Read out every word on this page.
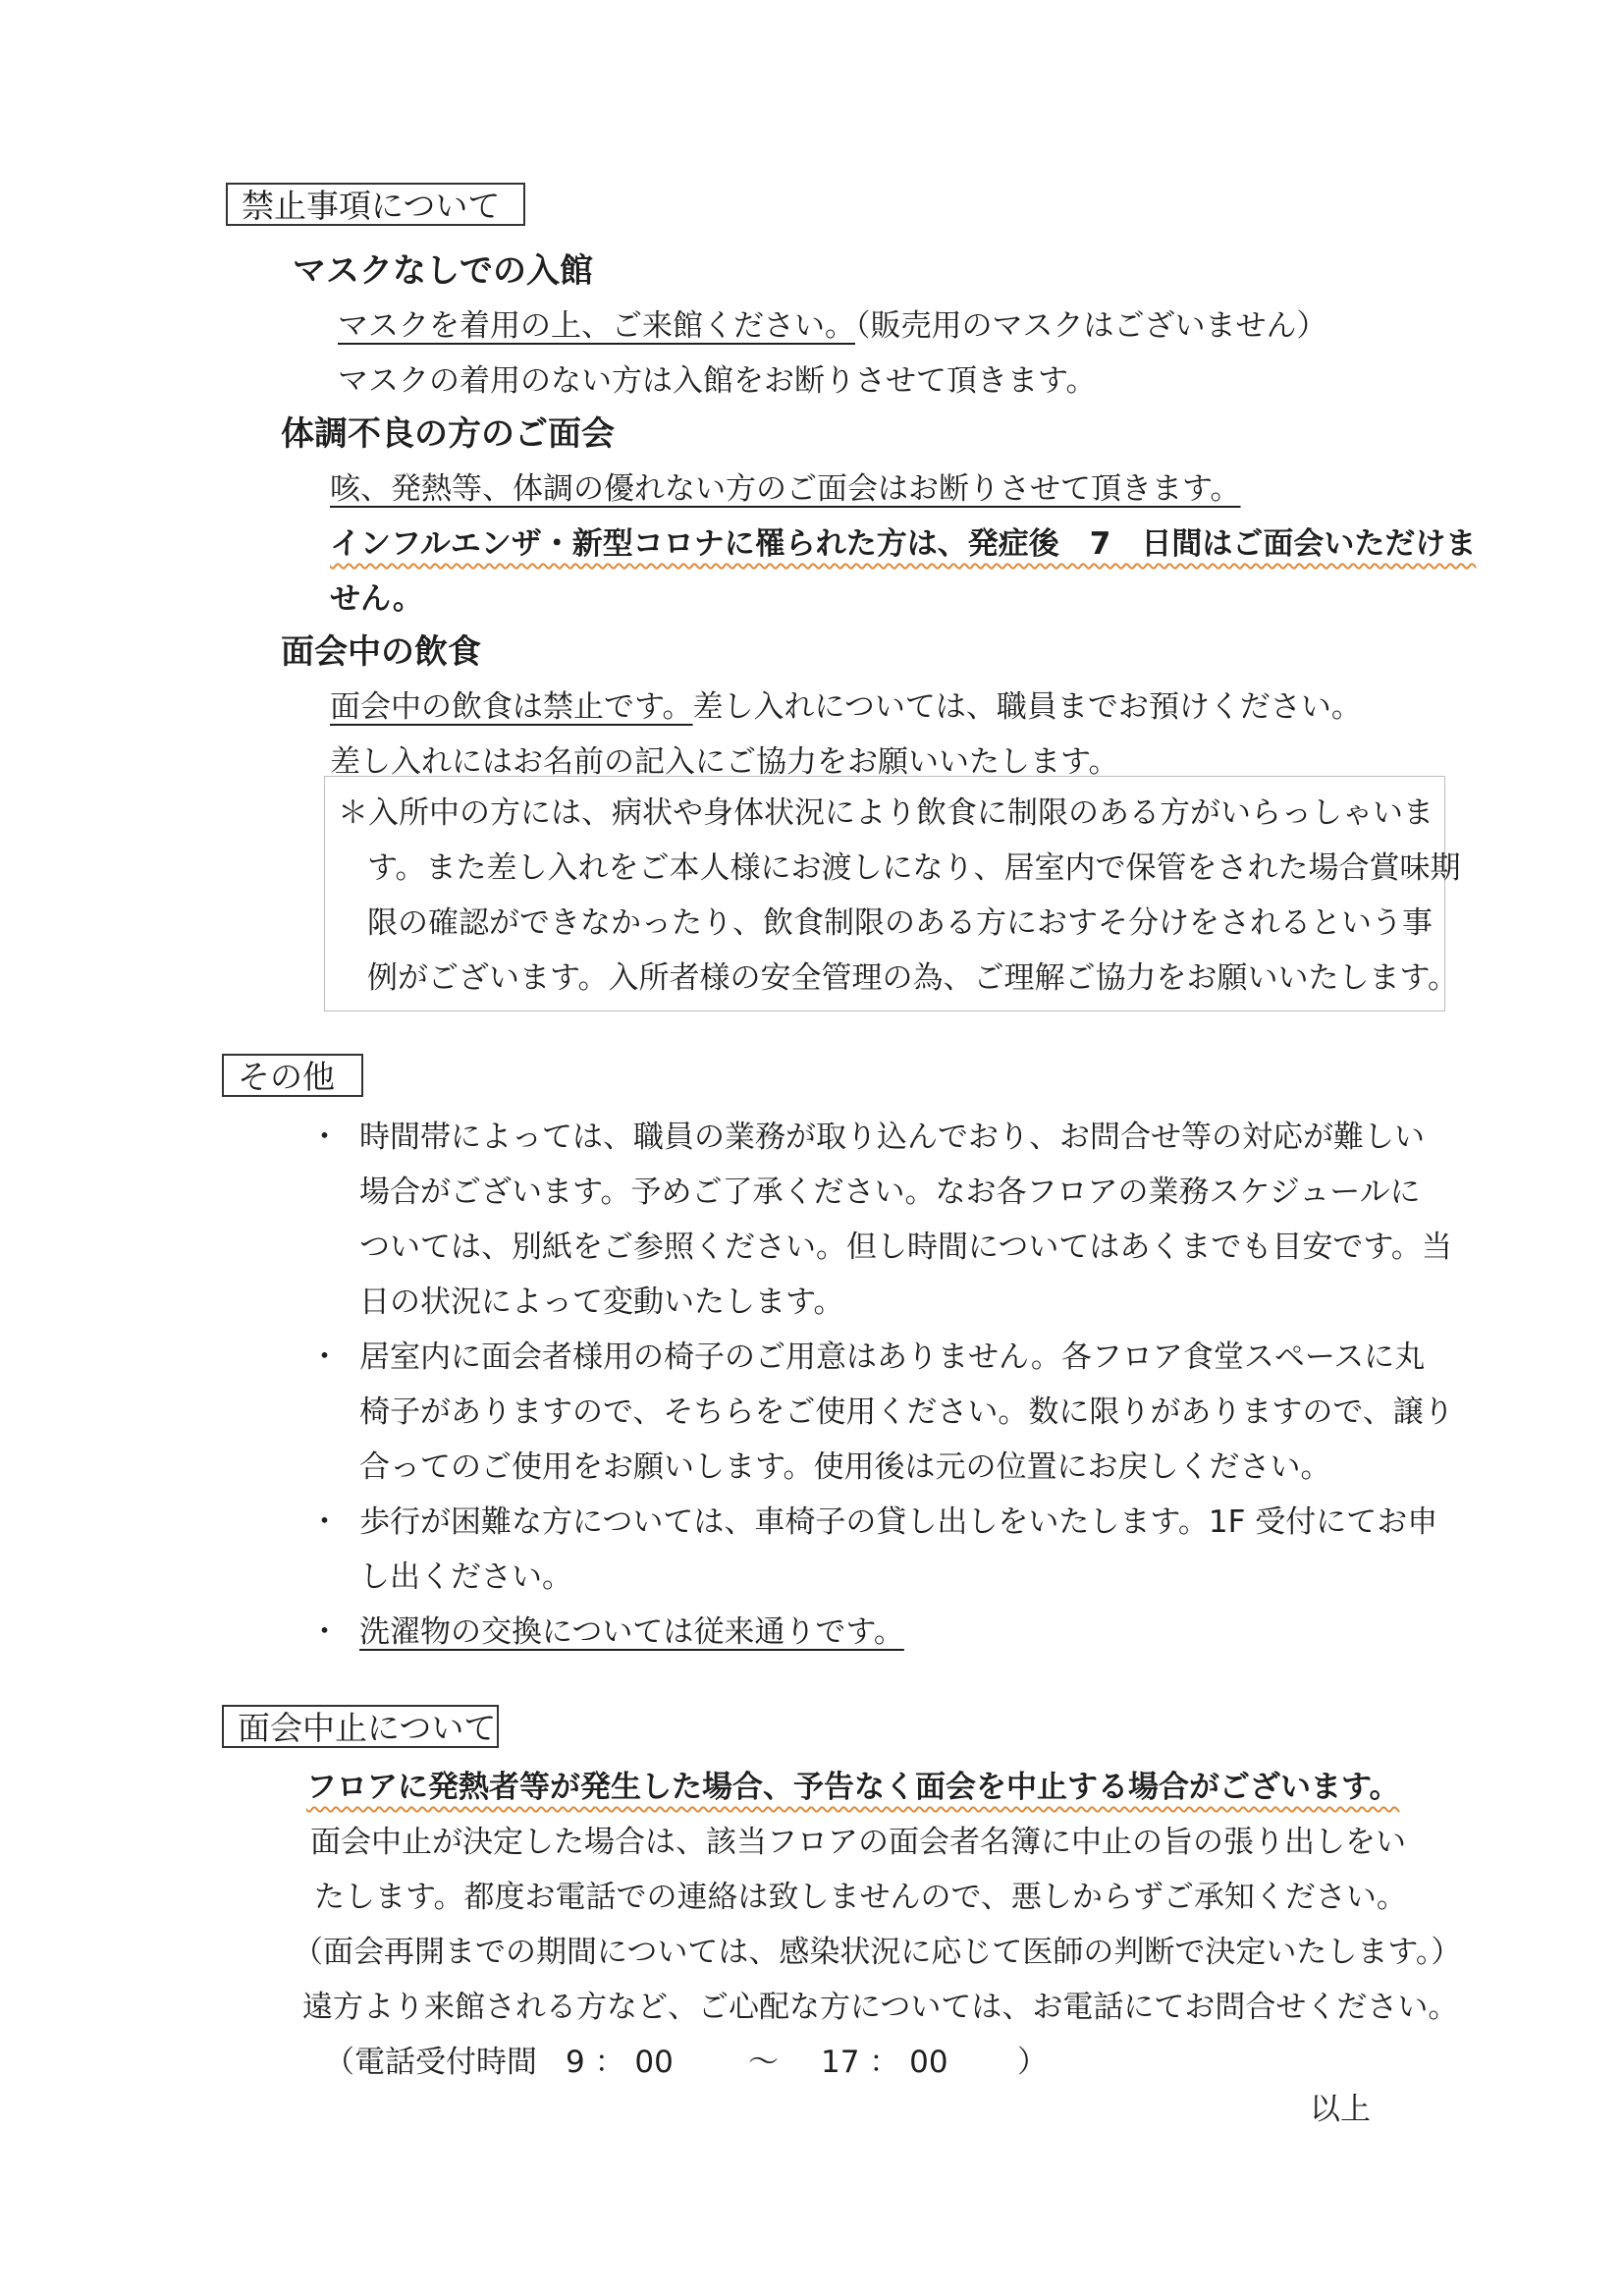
禁止事項について
マスクなしでの入館
マスクを着用の上、ご来館ください。（販売用のマスクはございません）
マスクの着用のない方は入館をお断りさせて頂きます。
体調不良の方のご面会
咳、発熱等、体調の優れない方のご面会はお断りさせて頂きます。
インフルエンザ・新型コロナに罹られた方は、発症後　7　日間はご面会いただけま
せん。
面会中の飲食
面会中の飲食は禁止です。差し入れについては、職員までお預けください。
差し入れにはお名前の記入にご協力をお願いいたします。
＊入所中の方には、病状や身体状況により飲食に制限のある方がいらっしゃいま
す。また差し入れをご本人様にお渡しになり、居室内で保管をされた場合賞味期
限の確認ができなかったり、飲食制限のある方におすそ分けをされるという事
例がございます。入所者様の安全管理の為、ご理解ご協力をお願いいたします。
その他
・ 時間帯によっては、職員の業務が取り込んでおり、お問合せ等の対応が難しい
場合がございます。予めご了承ください。なお各フロアの業務スケジュールに
ついては、別紙をご参照ください。但し時間についてはあくまでも目安です。当
日の状況によって変動いたします。
・ 居室内に面会者様用の椅子のご用意はありません。各フロア食堂スペースに丸
椅子がありますので、そちらをご使用ください。数に限りがありますので、譲り
合ってのご使用をお願いします。使用後は元の位置にお戻しください。
・ 歩行が困難な方については、車椅子の貸し出しをいたします。1F 受付にてお申
し出ください。
・ 洗濯物の交換については従来通りです。
面会中止について
フロアに発熱者等が発生した場合、予告なく面会を中止する場合がございます。
面会中止が決定した場合は、該当フロアの面会者名簿に中止の旨の張り出しをい
たします。都度お電話での連絡は致しませんので、悪しからずご承知ください。
（面会再開までの期間については、感染状況に応じて医師の判断で決定いたします。）
遠方より来館される方など、ご心配な方については、お電話にてお問合せください。
（電話受付時間 9 ： 00 ～ 17 ： 00 ）
以上
